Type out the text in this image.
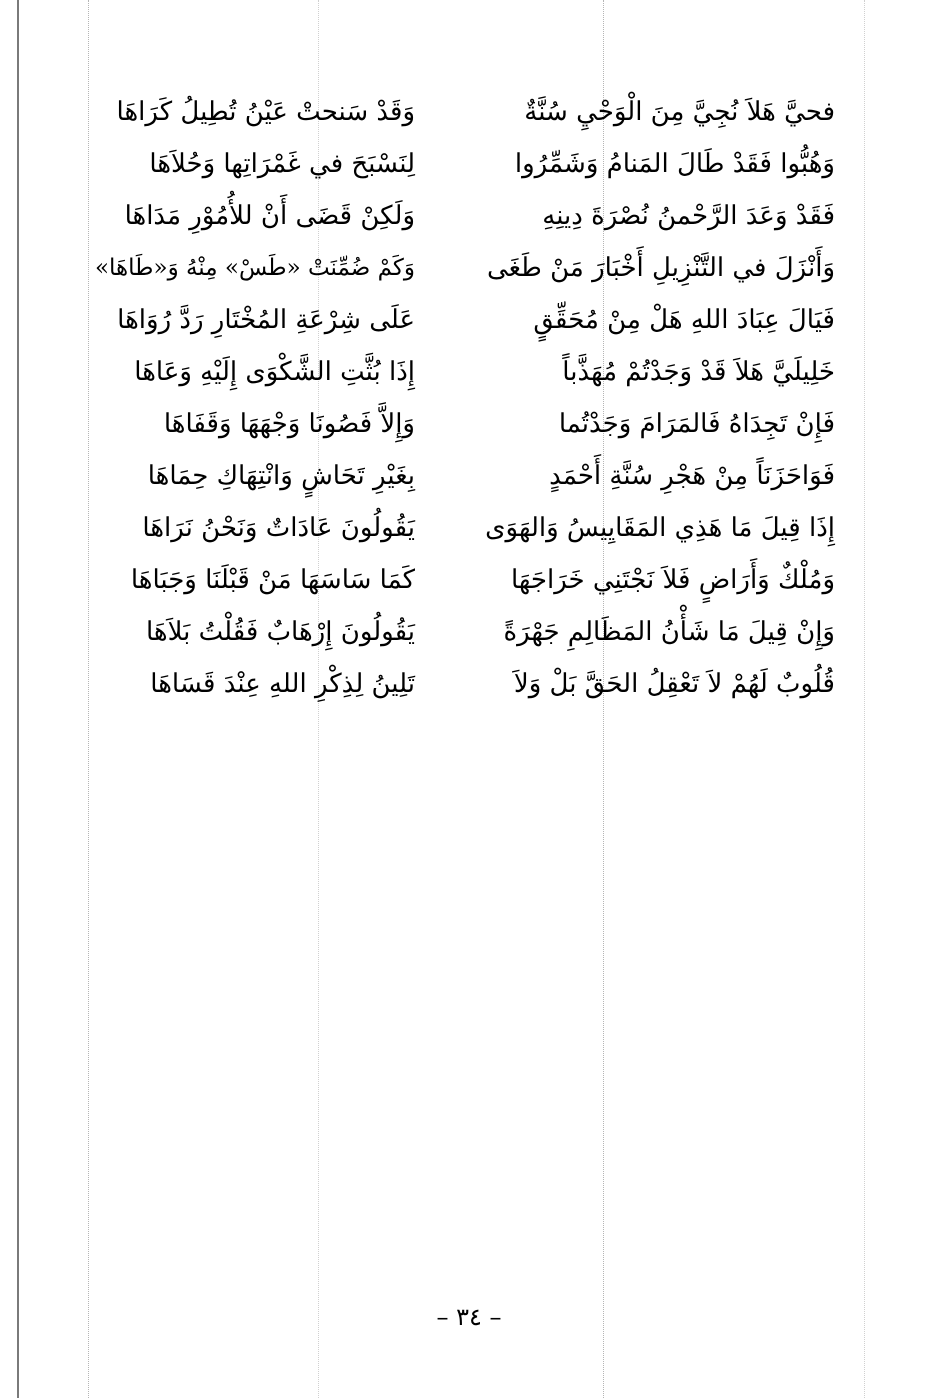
فحيَّ هَلاَ نُجِيَّ مِنَ الْوَحْيِ سُنَّةٌ
وَقَدْ سَنحتْ عَيْنُ تُطِيلُ كَرَاهَا
وَهُبُّوا فَقَدْ طَالَ المَنامُ وَشَمِّرُوا
لِنَسْبَحَ في غَمْرَاتِها وَحُلاَهَا
فَقَدْ وَعَدَ الرَّحْمنُ نُصْرَةَ دِينِهِ
وَلَكِنْ قَضَى أَنْ للأُمُوْرِ مَدَاهَا
وَأَنْزَلَ في التَّنْزِيلِ أَخْبَارَ مَنْ طَغَى
وَكَمْ ضُمِّنَتْ «طَسْ» مِنْهُ وَ«طَاهَا»
فَيَالَ عِبَادَ اللهِ هَلْ مِنْ مُحَقِّقٍ
عَلَى شِرْعَةِ المُخْتَارِ رَدَّ رُوَاهَا
خَلِيلَيَّ هَلاَ قَدْ وَجَدْتُمْ مُهَذَّباً
إِذَا بُثَّتِ الشَّكْوَى إِلَيْهِ وَعَاهَا
فَإِنْ تَجِدَاهُ فَالمَرَامَ وَجَدْتُما
وَإِلاَّ فَصُونَا وَجْهَهَا وَقَفَاهَا
فَوَاحَزَنَاً مِنْ هَجْرِ سُنَّةِ أَحْمَدٍ
بِغَيْرِ تَحَاشٍ وَانْتِهَاكِ حِمَاهَا
إِذَا قِيلَ مَا هَذِي المَقَايِيسُ وَالهَوَى
يَقُولُونَ عَادَاتٌ وَنَحْنُ نَرَاهَا
وَمُلْكٌ وَأَرَاضٍ فَلاَ نَجْتَنِي خَرَاجَهَا
كَمَا سَاسَهَا مَنْ قَبْلَنَا وَجَبَاهَا
وَإِنْ قِيلَ مَا شَأْنُ المَظَالِمِ جَهْرَةً
يَقُولُونَ إِرْهَابٌ فَقُلْتُ بَلاَهَا
قُلُوبٌ لَهُمْ لاَ تَعْقِلُ الحَقَّ بَلْ وَلاَ
تَلِينُ لِذِكْرِ اللهِ عِنْدَ قَسَاهَا
– ٣٤ –
